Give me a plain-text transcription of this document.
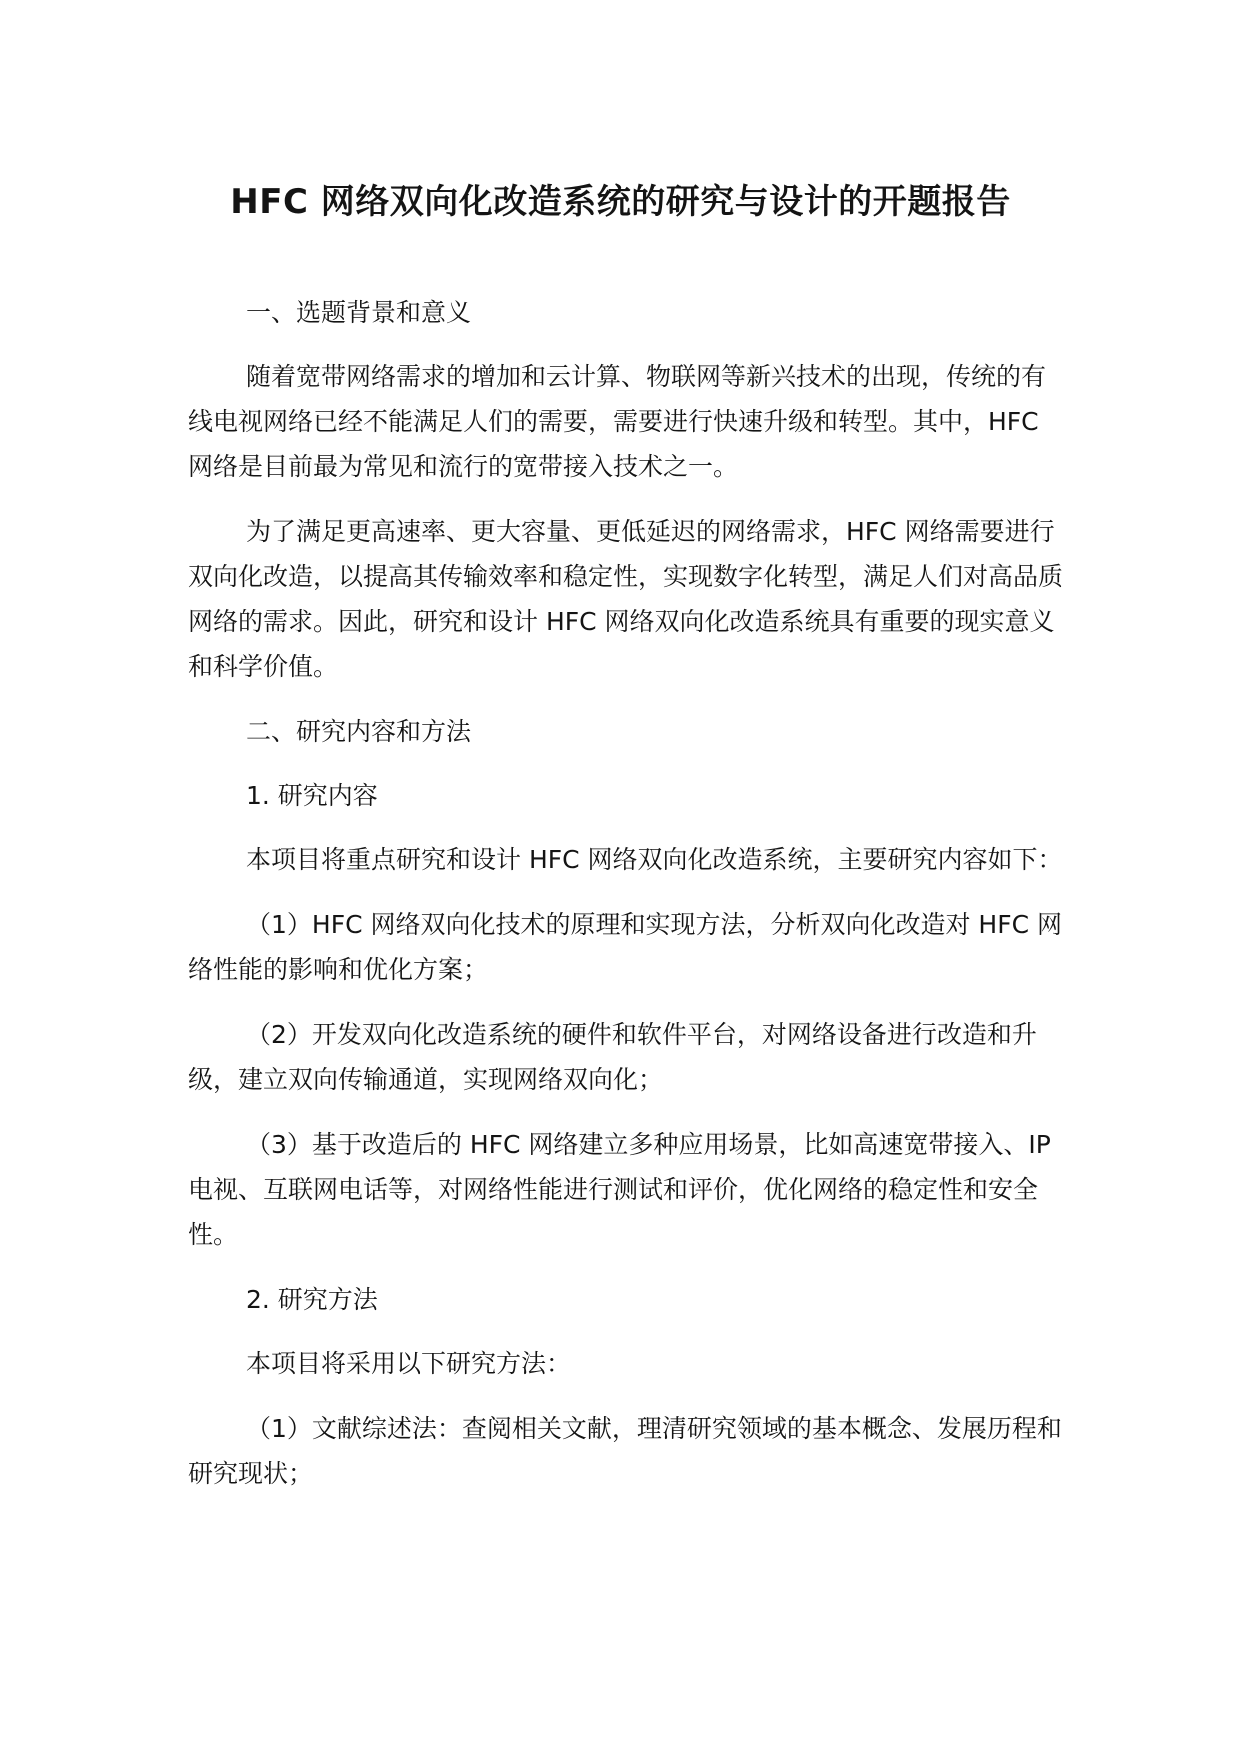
HFC 网络双向化改造系统的研究与设计的开题报告

一、选题背景和意义

随着宽带网络需求的增加和云计算、物联网等新兴技术的出现，传统的有线电视网络已经不能满足人们的需要，需要进行快速升级和转型。其中，HFC 网络是目前最为常见和流行的宽带接入技术之一。

为了满足更高速率、更大容量、更低延迟的网络需求，HFC 网络需要进行双向化改造，以提高其传输效率和稳定性，实现数字化转型，满足人们对高品质网络的需求。因此，研究和设计 HFC 网络双向化改造系统具有重要的现实意义和科学价值。

二、研究内容和方法

1. 研究内容

本项目将重点研究和设计 HFC 网络双向化改造系统，主要研究内容如下：

（1）HFC 网络双向化技术的原理和实现方法，分析双向化改造对 HFC 网络性能的影响和优化方案；

（2）开发双向化改造系统的硬件和软件平台，对网络设备进行改造和升级，建立双向传输通道，实现网络双向化；

（3）基于改造后的 HFC 网络建立多种应用场景，比如高速宽带接入、IP 电视、互联网电话等，对网络性能进行测试和评价，优化网络的稳定性和安全性。

2. 研究方法

本项目将采用以下研究方法：

（1）文献综述法：查阅相关文献，理清研究领域的基本概念、发展历程和研究现状；
